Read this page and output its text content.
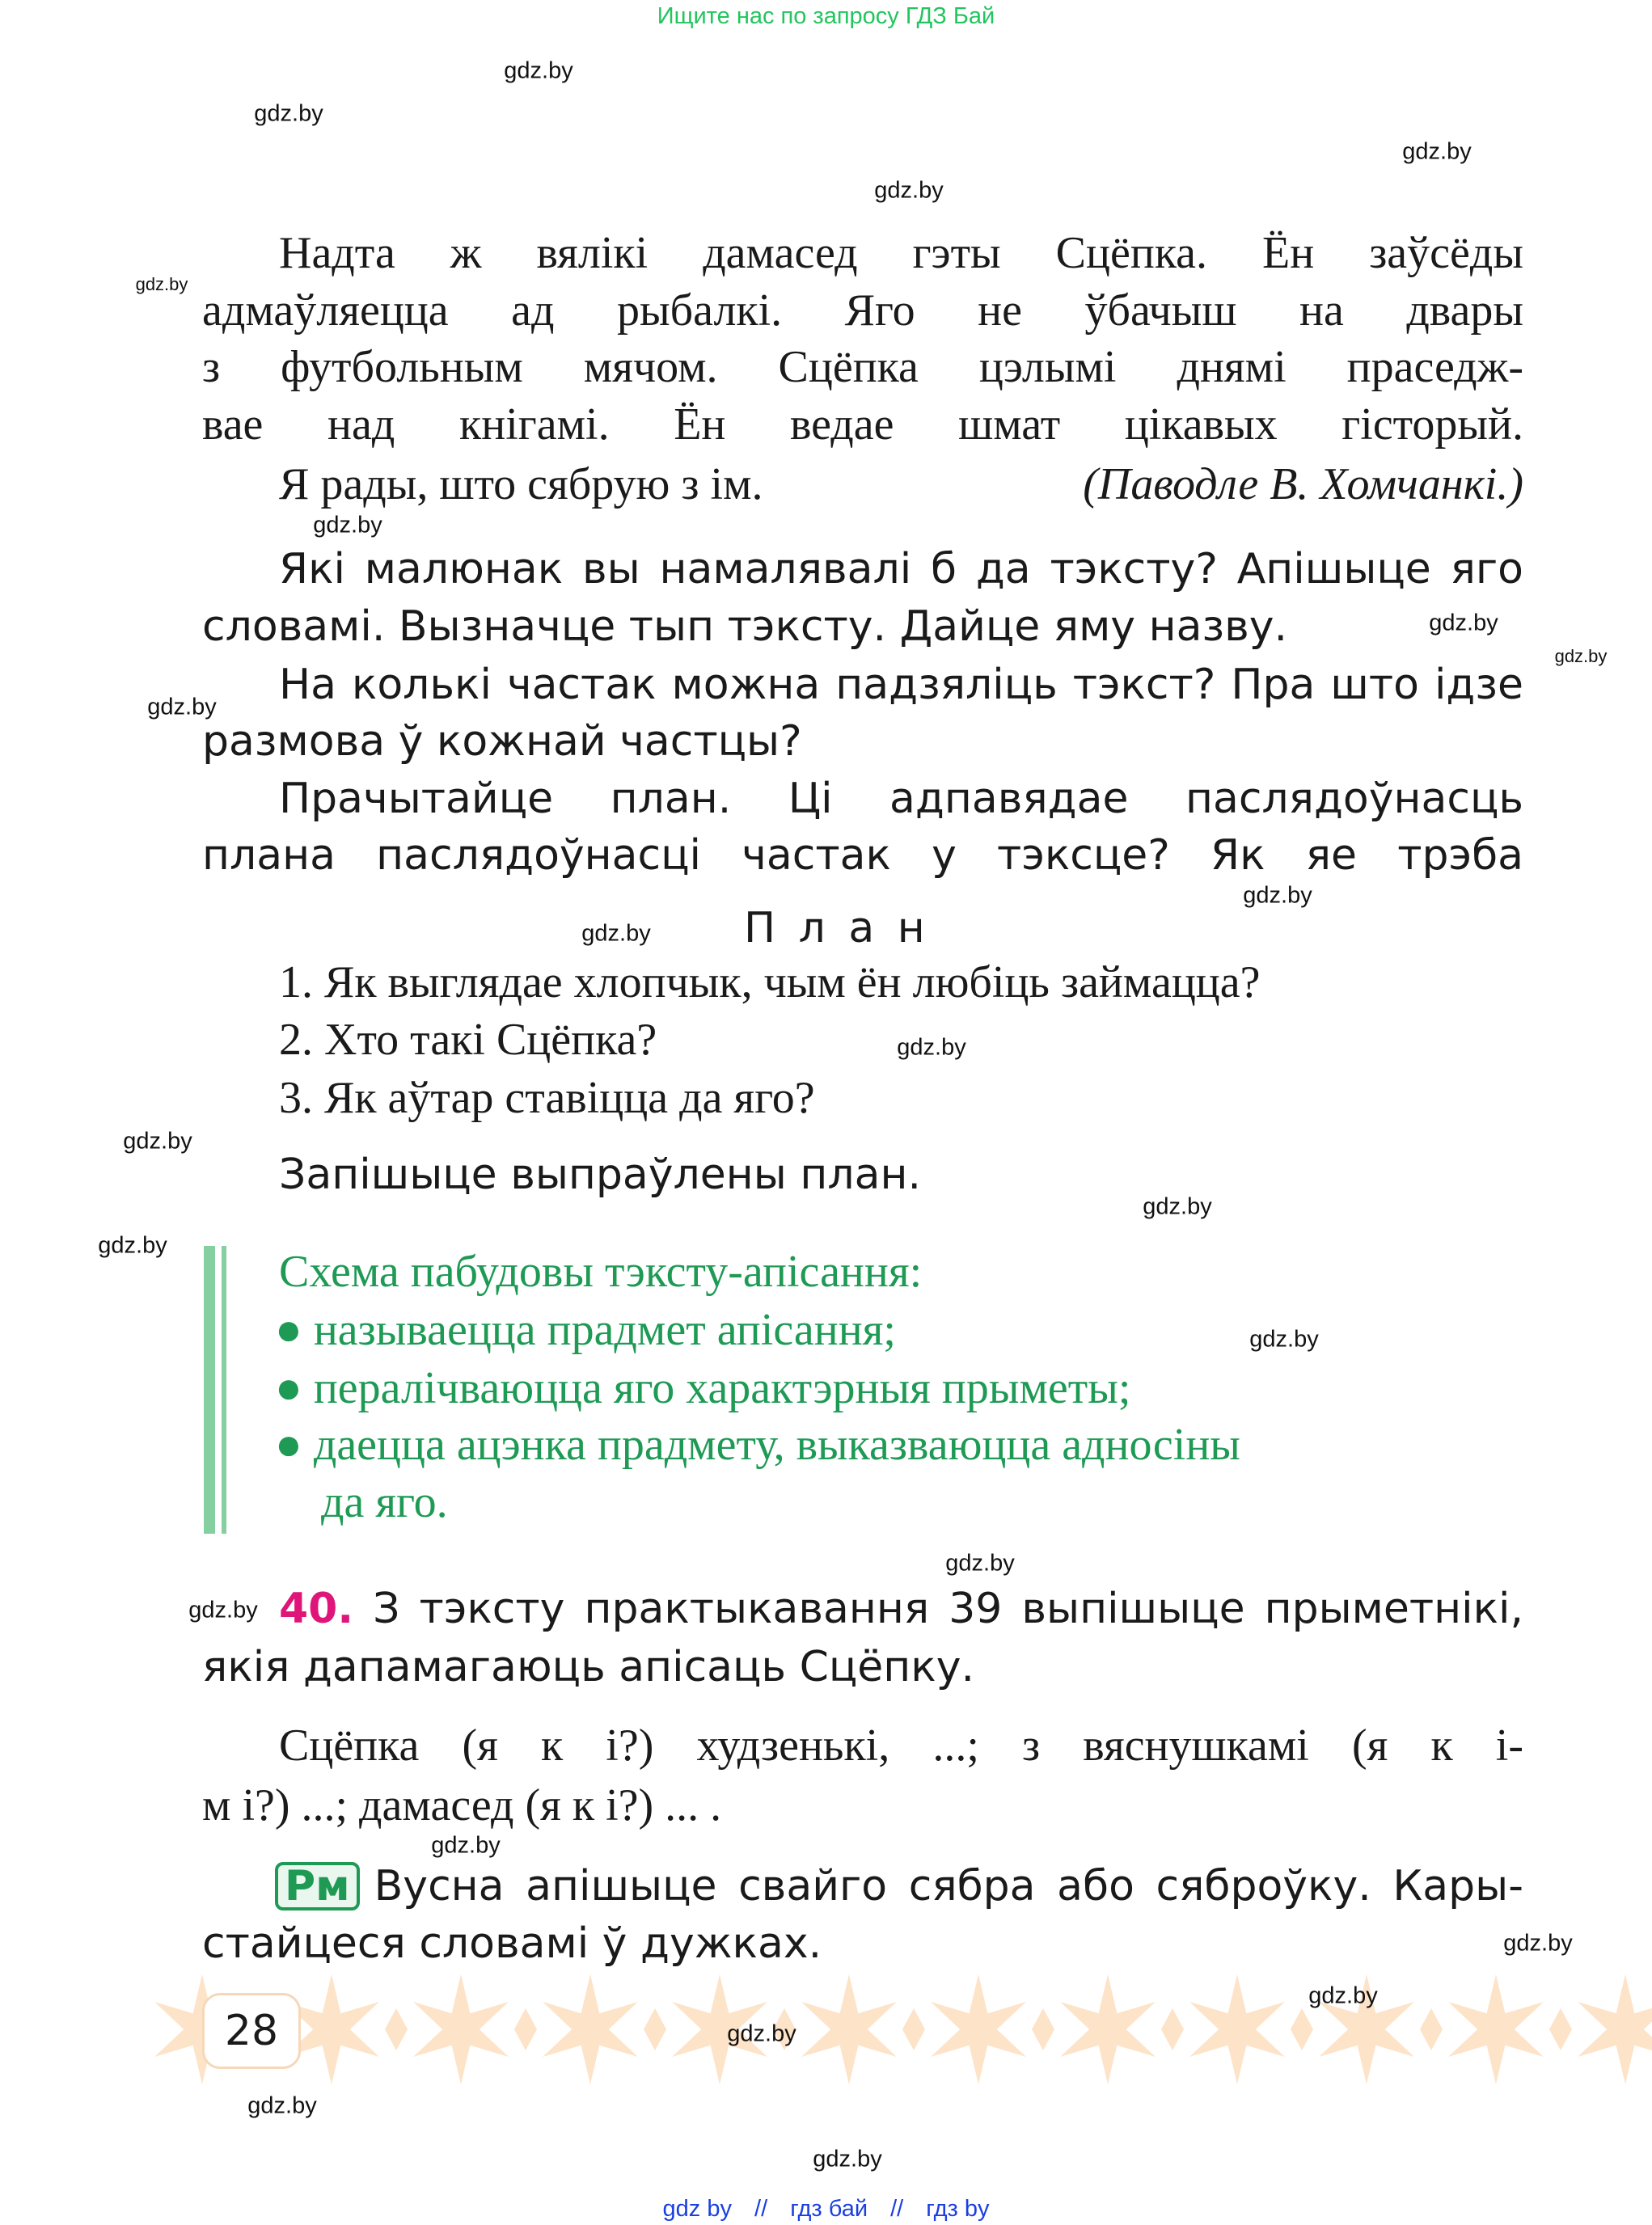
Ищите нас по запросу ГДЗ Бай
Надта ж вялікі дамасед гэты Сцёпка. Ён заўсёды
адмаўляецца ад рыбалкі. Яго не ўбачыш на двары
з футбольным мячом. Сцёпка цэлымі днямі праседж-
вае над кнігамі. Ён ведае шмат цікавых гісторый.
Я рады, што сябрую з ім.	(Паводле В. Хомчанкі.)
Які малюнак вы намалявалі б да тэксту? Апішыце яго
словамі. Вызначце тып тэксту. Дайце яму назву.
На колькі частак можна падзяліць тэкст? Пра што ідзе
размова ў кожнай частцы?
Прачытайце план. Ці адпавядае паслядоўнасць
плана паслядоўнасці частак у тэксце? Як яе трэба
П л а н
1. Як выглядае хлопчык, чым ён любіць займацца?
2. Хто такі Сцёпка?
3. Як аўтар ставіцца да яго?
Запішыце выпраўлены план.
Схема пабудовы тэксту-апісання:
● называецца прадмет апісання;
● пералічваюцца яго характэрныя прыметы;
● даецца ацэнка прадмету, выказваюцца адносіны
да яго.
40. З тэксту практыкавання 39 выпішыце прыметнікі,
якія дапамагаюць апісаць Сцёпку.
Сцёпка (я к і?) худзенькі, ...; з вяснушкамі (я к і-
м і?) ...; дамасед (я к і?) ... .
Рм Вусна апішыце свайго сябра або сяброўку. Кары-
стайцеся словамі ў дужках.
28
gdz.by
gdz.by
gdz.by
gdz.by
gdz.by
gdz.by
gdz.by
gdz.by
gdz.by
gdz.by
gdz.by
gdz.by
gdz.by
gdz.by
gdz.by
gdz.by
gdz.by
gdz.by
gdz.by
gdz.by
gdz.by
gdz.by
gdz.by
gdz.by
gdz by // гдз бай // гдз by
